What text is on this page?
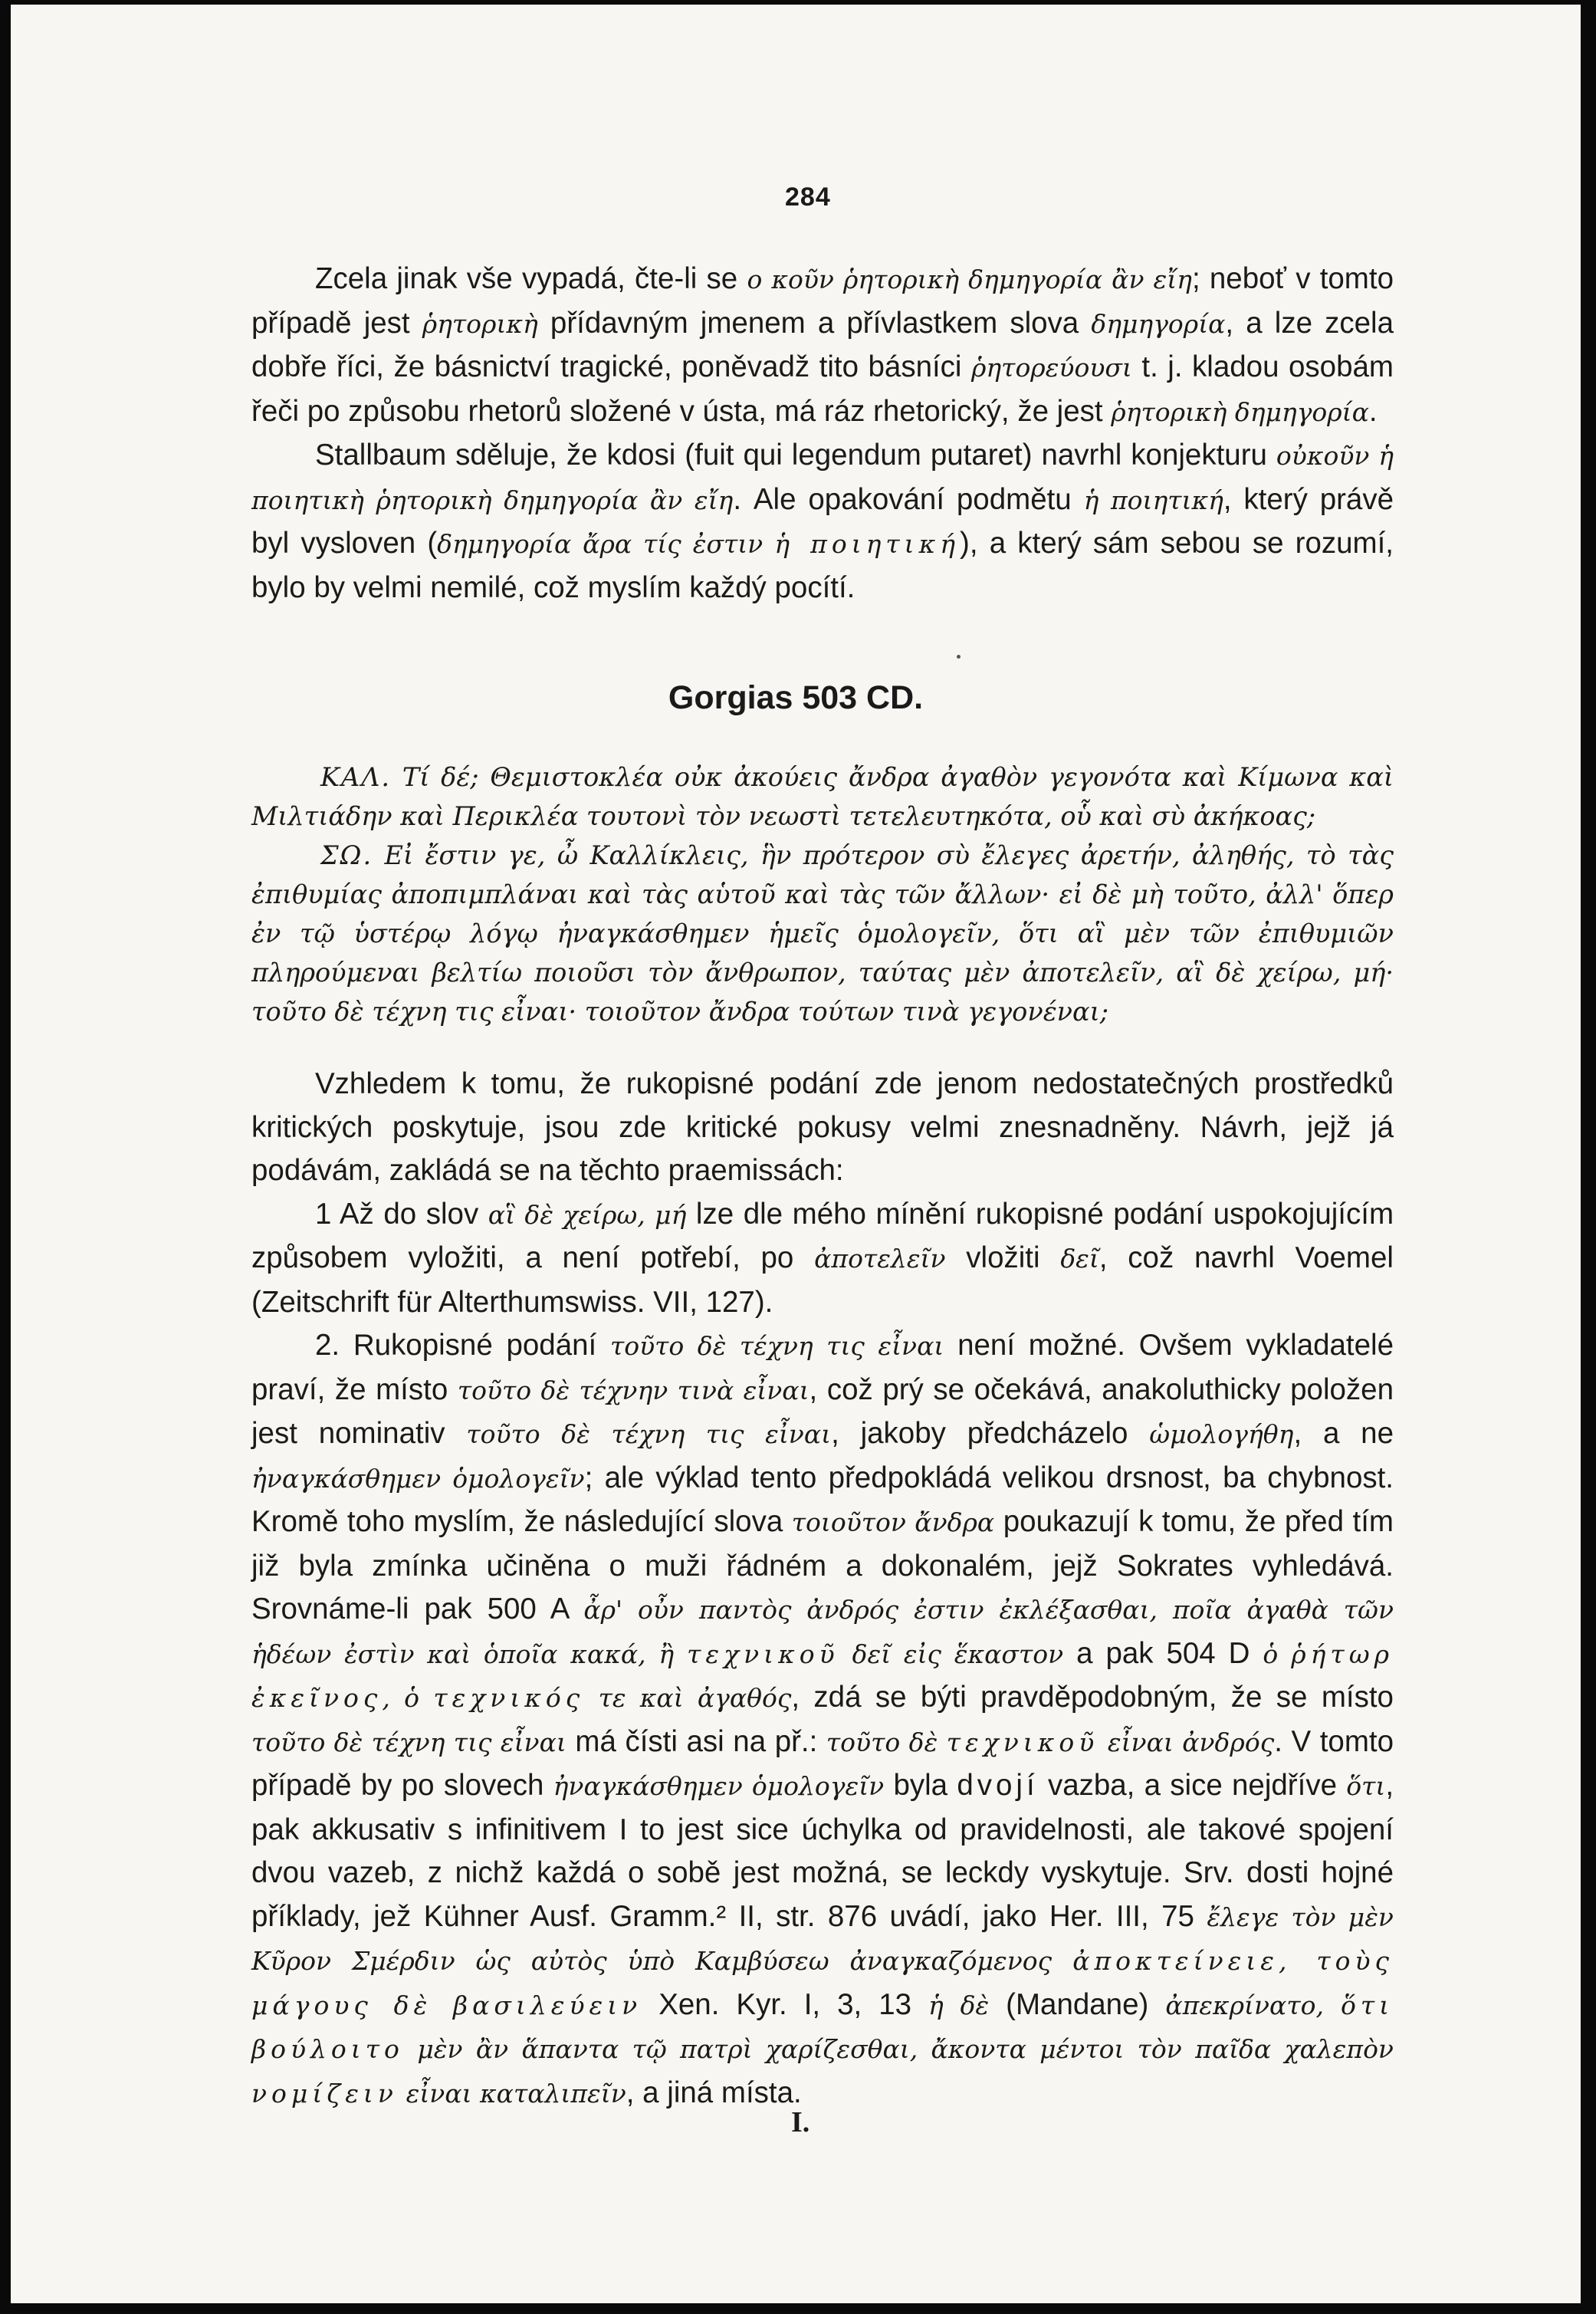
284

Zcela jinak vše vypadá, čte-li se ο κοῦν ῥητορικὴ δημηγορία ἂν εἴη; neboť v tomto případě jest ῥητορικὴ přídavným jmenem a přívlastkem slova δημηγορία, a lze zcela dobře říci, že básnictví tragické, poněvadž tito básníci ῥητορεύουσι t. j. kladou osobám řeči po způsobu rhetorů složené v ústa, má ráz rhetorický, že jest ῥητορικὴ δημηγορία.

Stallbaum sděluje, že kdosi (fuit qui legendum putaret) navrhl konjekturu οὐκοῦν ἡ ποιητικὴ ῥητορικὴ δημηγορία ἂν εἴη. Ale opakování podmětu ἡ ποιητική, který právě byl vysloven (δημηγορία ἄρα τίς ἐστιν ἡ ποιητική), a který sám sebou se rozumí, bylo by velmi nemilé, což myslím každý pocítí.

Gorgias 503 CD.

ΚΑΛ. Τί δέ; Θεμιστοκλέα οὐκ ἀκούεις ἄνδρα ἀγαθὸν γεγονότα καὶ Κίμωνα καὶ Μιλτιάδην καὶ Περικλέα τουτονὶ τὸν νεωστὶ τετελευτηκότα, οὗ καὶ σὺ ἀκήκοας;

ΣΩ. Εἰ ἔστιν γε, ὦ Καλλίκλεις, ἣν πρότερον σὺ ἔλεγες ἀρετήν, ἀληθής, τὸ τὰς ἐπιθυμίας ἀποπιμπλάναι καὶ τὰς αὑτοῦ καὶ τὰς τῶν ἄλλων· εἰ δὲ μὴ τοῦτο, ἀλλ' ὅπερ ἐν τῷ ὑστέρῳ λόγῳ ἠναγκάσθημεν ἡμεῖς ὁμολογεῖν, ὅτι αἳ μὲν τῶν ἐπιθυμιῶν πληρούμεναι βελτίω ποιοῦσι τὸν ἄνθρωπον, ταύτας μὲν ἀποτελεῖν, αἳ δὲ χείρω, μή· τοῦτο δὲ τέχνη τις εἶναι· τοιοῦτον ἄνδρα τούτων τινὰ γεγονέναι;

Vzhledem k tomu, že rukopisné podání zde jenom nedostatečných prostředků kritických poskytuje, jsou zde kritické pokusy velmi znesnadněny. Návrh, jejž já podávám, zakládá se na těchto praemissách:

1 Až do slov αἳ δὲ χείρω, μή lze dle mého mínění rukopisné podání uspokojujícím způsobem vyložiti, a není potřebí, po ἀποτελεῖν vložiti δεῖ, což navrhl Voemel (Zeitschrift für Alterthumswiss. VII, 127).

2. Rukopisné podání τοῦτο δὲ τέχνη τις εἶναι není možné. Ovšem vykladatelé praví, že místo τοῦτο δὲ τέχνην τινὰ εἶναι, což prý se očekává, anakoluthicky položen jest nominativ τοῦτο δὲ τέχνη τις εἶναι, jakoby předcházelo ὡμολογήθη, a ne ἠναγκάσθημεν ὁμολογεῖν; ale výklad tento předpokládá velikou drsnost, ba chybnost. Kromě toho myslím, že následující slova τοιοῦτον ἄνδρα poukazují k tomu, že před tím již byla zmínka učiněna o muži řádném a dokonalém, jejž Sokrates vyhledává. Srovnáme-li pak 500 A ἆρ' οὖν παντὸς ἀνδρός ἐστιν ἐκλέξασθαι, ποῖα ἀγαθὰ τῶν ἡδέων ἐστὶν καὶ ὁποῖα κακά, ἢ τεχνικοῦ δεῖ εἰς ἕκαστον a pak 504 D ὁ ῥήτωρ ἐκεῖνος, ὁ τεχνικός τε καὶ ἀγαθός, zdá se býti pravděpodobným, že se místo τοῦτο δὲ τέχνη τις εἶναι má čísti asi na př.: τοῦτο δὲ τεχνικοῦ εἶναι ἀνδρός. V tomto případě by po slovech ἠναγκάσθημεν ὁμολογεῖν byla dvojí vazba, a sice nejdříve ὅτι, pak akkusativ s infinitivem I to jest sice úchylka od pravidelnosti, ale takové spojení dvou vazeb, z nichž každá o sobě jest možná, se leckdy vyskytuje. Srv. dosti hojné příklady, jež Kühner Ausf. Gramm.² II, str. 876 uvádí, jako Her. III, 75 ἔλεγε τὸν μὲν Κῦρον Σμέρδιν ὡς αὐτὸς ὑπὸ Καμβύσεω ἀναγκαζόμενος ἀποκτείνειε, τοὺς μάγους δὲ βασιλεύειν Xen. Kyr. I, 3, 13 ἡ δὲ (Mandane) ἀπεκρίνατο, ὅτι βούλοιτο μὲν ἂν ἅπαντα τῷ πατρὶ χαρίζεσθαι, ἄκοντα μέντοι τὸν παῖδα χαλεπὸν νομίζειν εἶναι καταλιπεῖν, a jiná místa.

I.
